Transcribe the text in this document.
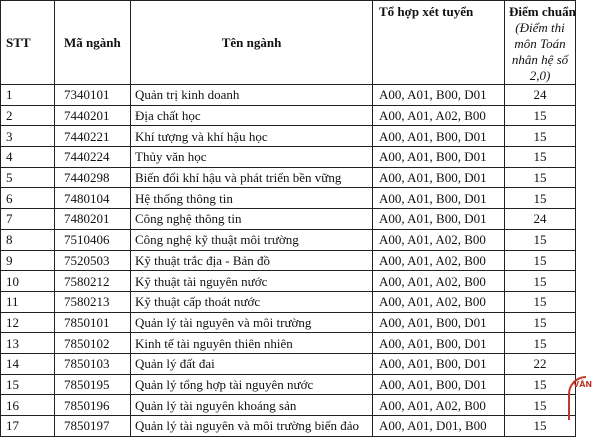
STT	Mã ngành	Tên ngành	Tổ hợp xét tuyển	Điểm chuẩn
(Điểm thi môn Toán nhân hệ số 2,0)

1	7340101	Quản trị kinh doanh	A00, A01, B00, D01	24
2	7440201	Địa chất học	A00, A01, A02, B00	15
3	7440221	Khí tượng và khí hậu học	A00, A01, B00, D01	15
4	7440224	Thủy văn học	A00, A01, B00, D01	15
5	7440298	Biến đổi khí hậu và phát triển bền vững	A00, A01, B00, D01	15
6	7480104	Hệ thống thông tin	A00, A01, B00, D01	15
7	7480201	Công nghệ thông tin	A00, A01, B00, D01	24
8	7510406	Công nghệ kỹ thuật môi trường	A00, A01, A02, B00	15
9	7520503	Kỹ thuật trắc địa - Bản đồ	A00, A01, A02, B00	15
10	7580212	Kỹ thuật tài nguyên nước	A00, A01, A02, B00	15
11	7580213	Kỹ thuật cấp thoát nước	A00, A01, A02, B00	15
12	7850101	Quản lý tài nguyên và môi trường	A00, A01, B00, D01	15
13	7850102	Kinh tế tài nguyên thiên nhiên	A00, A01, B00, D01	15
14	7850103	Quản lý đất đai	A00, A01, B00, D01	22
15	7850195	Quản lý tổng hợp tài nguyên nước	A00, A01, B00, D01	15
16	7850196	Quản lý tài nguyên khoáng sản	A00, A01, A02, B00	15
17	7850197	Quản lý tài nguyên và môi trường biển đảo	A00, A01, D01, B00	15
VĂN
